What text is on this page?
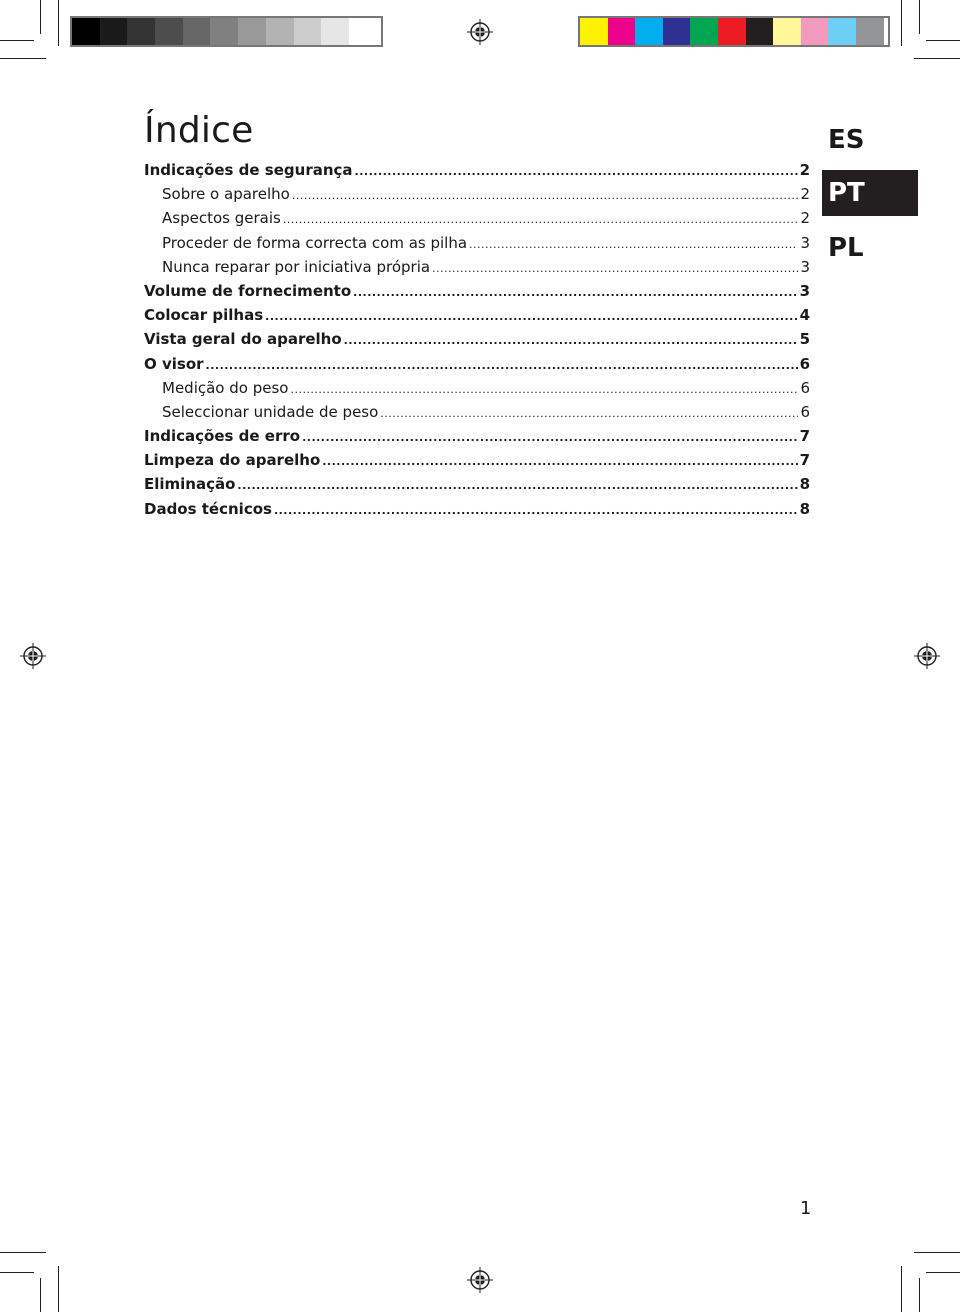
Índice
Indicações de segurança .....	2
Sobre o aparelho .....	2
Aspectos gerais .....	2
Proceder de forma correcta com as pilha .....	3
Nunca reparar por iniciativa própria .....	3
Volume de fornecimento .....	3
Colocar pilhas .....	4
Vista geral do aparelho .....	5
O visor .....	6
Medição do peso .....	6
Seleccionar unidade de peso .....	6
Indicações de erro .....	7
Limpeza do aparelho .....	7
Eliminação .....	8
Dados técnicos .....	8
ES
PT
PL
1
